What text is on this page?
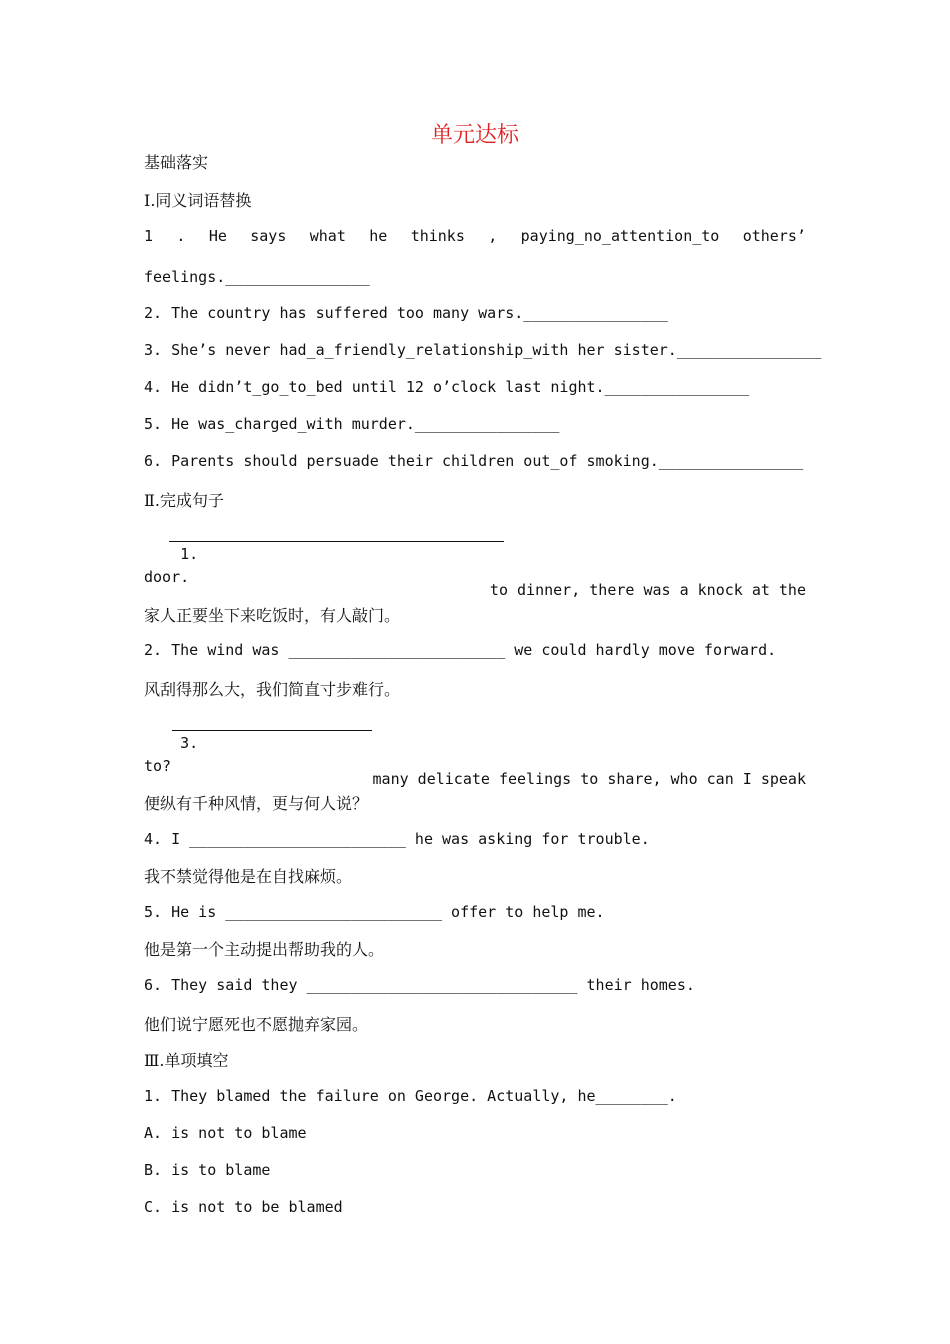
单元达标
基础落实
I.同义词语替换
1 . He says what he thinks , paying_no_attention_to others’
feelings.________________
2. The country has suffered too many wars.________________
3. She’s never had_a_friendly_relationship_with her sister.________________
4. He didn’t_go_to_bed until 12 o’clock last night.________________
5. He was_charged_with murder.________________
6. Parents should persuade their children out_of smoking.________________
Ⅱ.完成句子

1.

to dinner, there was a knock at the

door.
家人正要坐下来吃饭时，有人敲门。
2. The wind was ________________________ we could hardly move forward.
风刮得那么大，我们简直寸步难行。

3.

many delicate feelings to share, who can I speak

to?
便纵有千种风情，更与何人说？
4. I ________________________ he was asking for trouble.
我不禁觉得他是在自找麻烦。
5. He is ________________________ offer to help me.
他是第一个主动提出帮助我的人。
6. They said they ______________________________ their homes.
他们说宁愿死也不愿抛弃家园。
Ⅲ.单项填空
1. They blamed the failure on George. Actually, he________.
A. is not to blame
B. is to blame
C. is not to be blamed
